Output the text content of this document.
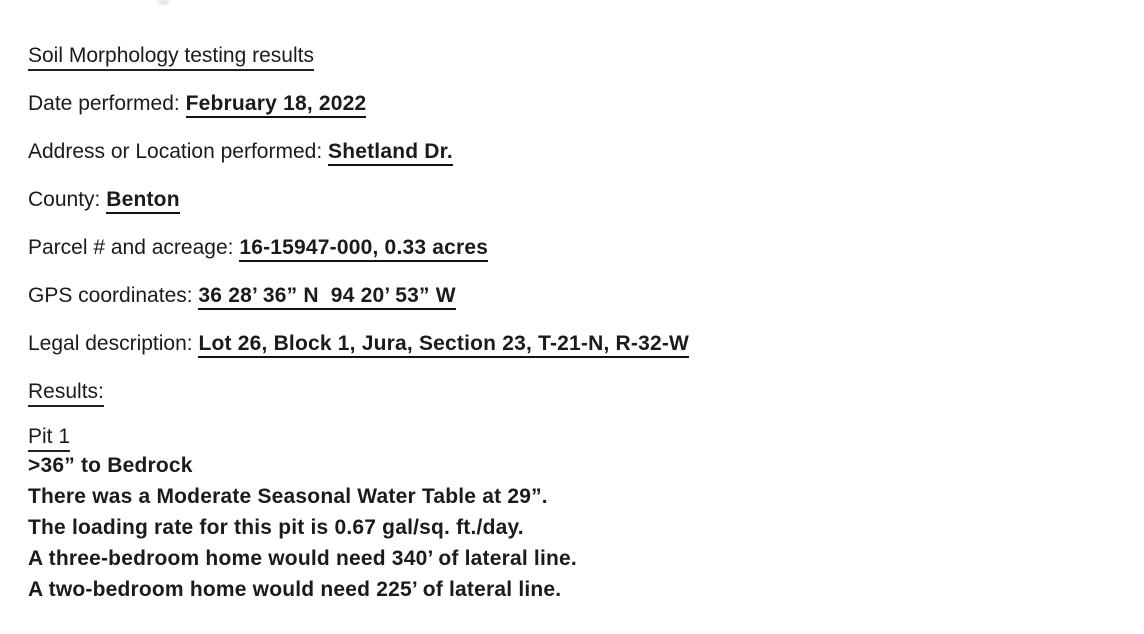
Soil Morphology testing results

Date performed: February 18, 2022

Address or Location performed: Shetland Dr.

County: Benton

Parcel # and acreage: 16-15947-000, 0.33 acres

GPS coordinates: 36 28’ 36” N  94 20’ 53” W

Legal description: Lot 26, Block 1, Jura, Section 23, T-21-N, R-32-W

Results:

Pit 1

>36” to Bedrock

There was a Moderate Seasonal Water Table at 29”.

The loading rate for this pit is 0.67 gal/sq. ft./day.

A three-bedroom home would need 340’ of lateral line.

A two-bedroom home would need 225’ of lateral line.
